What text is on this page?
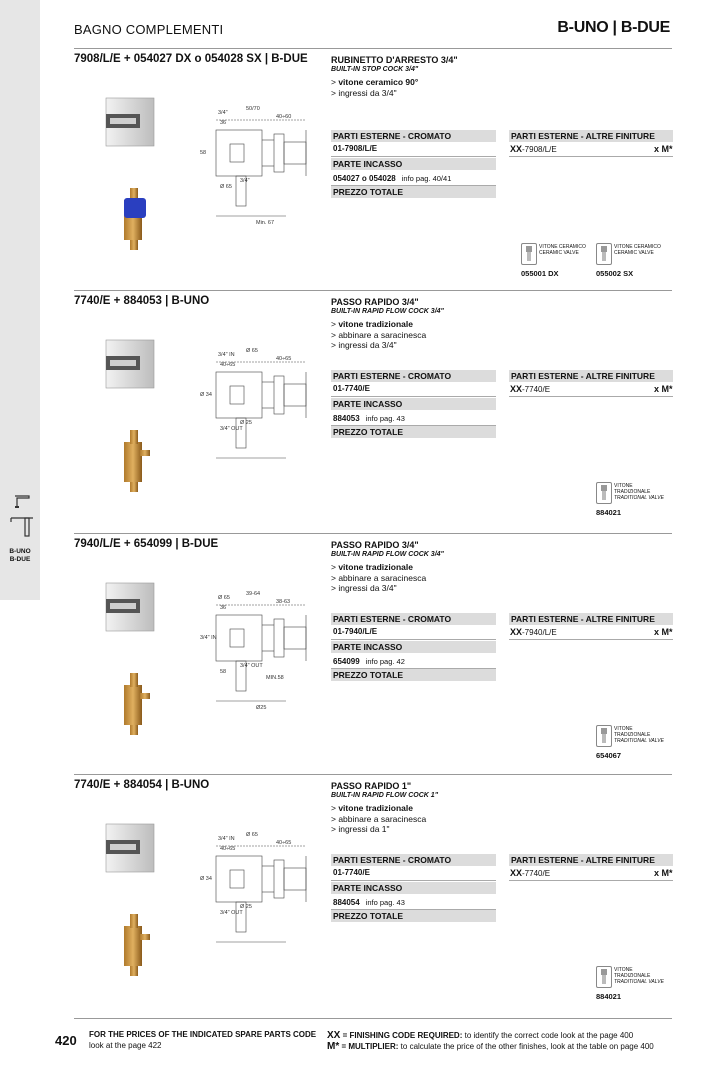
B-UNO
B-DUE
BAGNO COMPLEMENTI	B-UNO | B-DUE
7908/L/E + 054027 DX o 054028 SX | B-DUE	RUBINETTO D'ARRESTO 3/4"
BUILT-IN STOP COCK 3/4"
> vitone ceramico 90°
> ingressi da 3/4"
PARTI ESTERNE - CROMATO
01-7908/L/E
PARTE INCASSO
054027 o 054028 info pag. 40/41
PREZZO TOTALE
PARTI ESTERNE - ALTRE FINITURE
XX-7908/L/E	x M*
3/4"
50/70
40÷60
36
58
Ø 65
3/4"
Min. 67
VITONE CERAMICO
CERAMIC VALVE
055001 DX
VITONE CERAMICO
CERAMIC VALVE
055002 SX
7740/E + 884053 | B-UNO	PASSO RAPIDO 3/4"
BUILT-IN RAPID FLOW COCK 3/4"
> vitone tradizionale
> abbinare a saracinesca
> ingressi da 3/4"
PARTI ESTERNE - CROMATO
01-7740/E
PARTE INCASSO
884053 info pag. 43
PREZZO TOTALE
PARTI ESTERNE - ALTRE FINITURE
XX-7740/E	x M*
3/4" IN
Ø 65
40÷65
40÷65
Ø 34
3/4" OUT
Ø 25
VITONE
TRADIZIONALE
TRADITIONAL VALVE
884021
7940/L/E + 654099 | B-DUE	PASSO RAPIDO 3/4"
BUILT-IN RAPID FLOW COCK 3/4"
> vitone tradizionale
> abbinare a saracinesca
> ingressi da 3/4"
PARTI ESTERNE - CROMATO
01-7940/L/E
PARTE INCASSO
654099 info pag. 42
PREZZO TOTALE
PARTI ESTERNE - ALTRE FINITURE
XX-7940/L/E	x M*
Ø 65
39-64
38-63
36
3/4" IN
58
3/4" OUT
Ø25
MIN.58
VITONE
TRADIZIONALE
TRADITIONAL VALVE
654067
7740/E + 884054 | B-UNO	PASSO RAPIDO 1"
BUILT-IN RAPID FLOW COCK 1"
> vitone tradizionale
> abbinare a saracinesca
> ingressi da 1"
PARTI ESTERNE - CROMATO
01-7740/E
PARTE INCASSO
884054 info pag. 43
PREZZO TOTALE
PARTI ESTERNE - ALTRE FINITURE
XX-7740/E	x M*
3/4" IN
Ø 65
40÷65
40÷65
Ø 34
3/4" OUT
Ø 25
VITONE
TRADIZIONALE
TRADITIONAL VALVE
884021
420 FOR THE PRICES OF THE INDICATED SPARE PARTS CODE
look at the page 422
XX = FINISHING CODE REQUIRED: to identify the correct code look at the page 400
M* = MULTIPLIER: to calculate the price of the other finishes, look at the table on page 400
